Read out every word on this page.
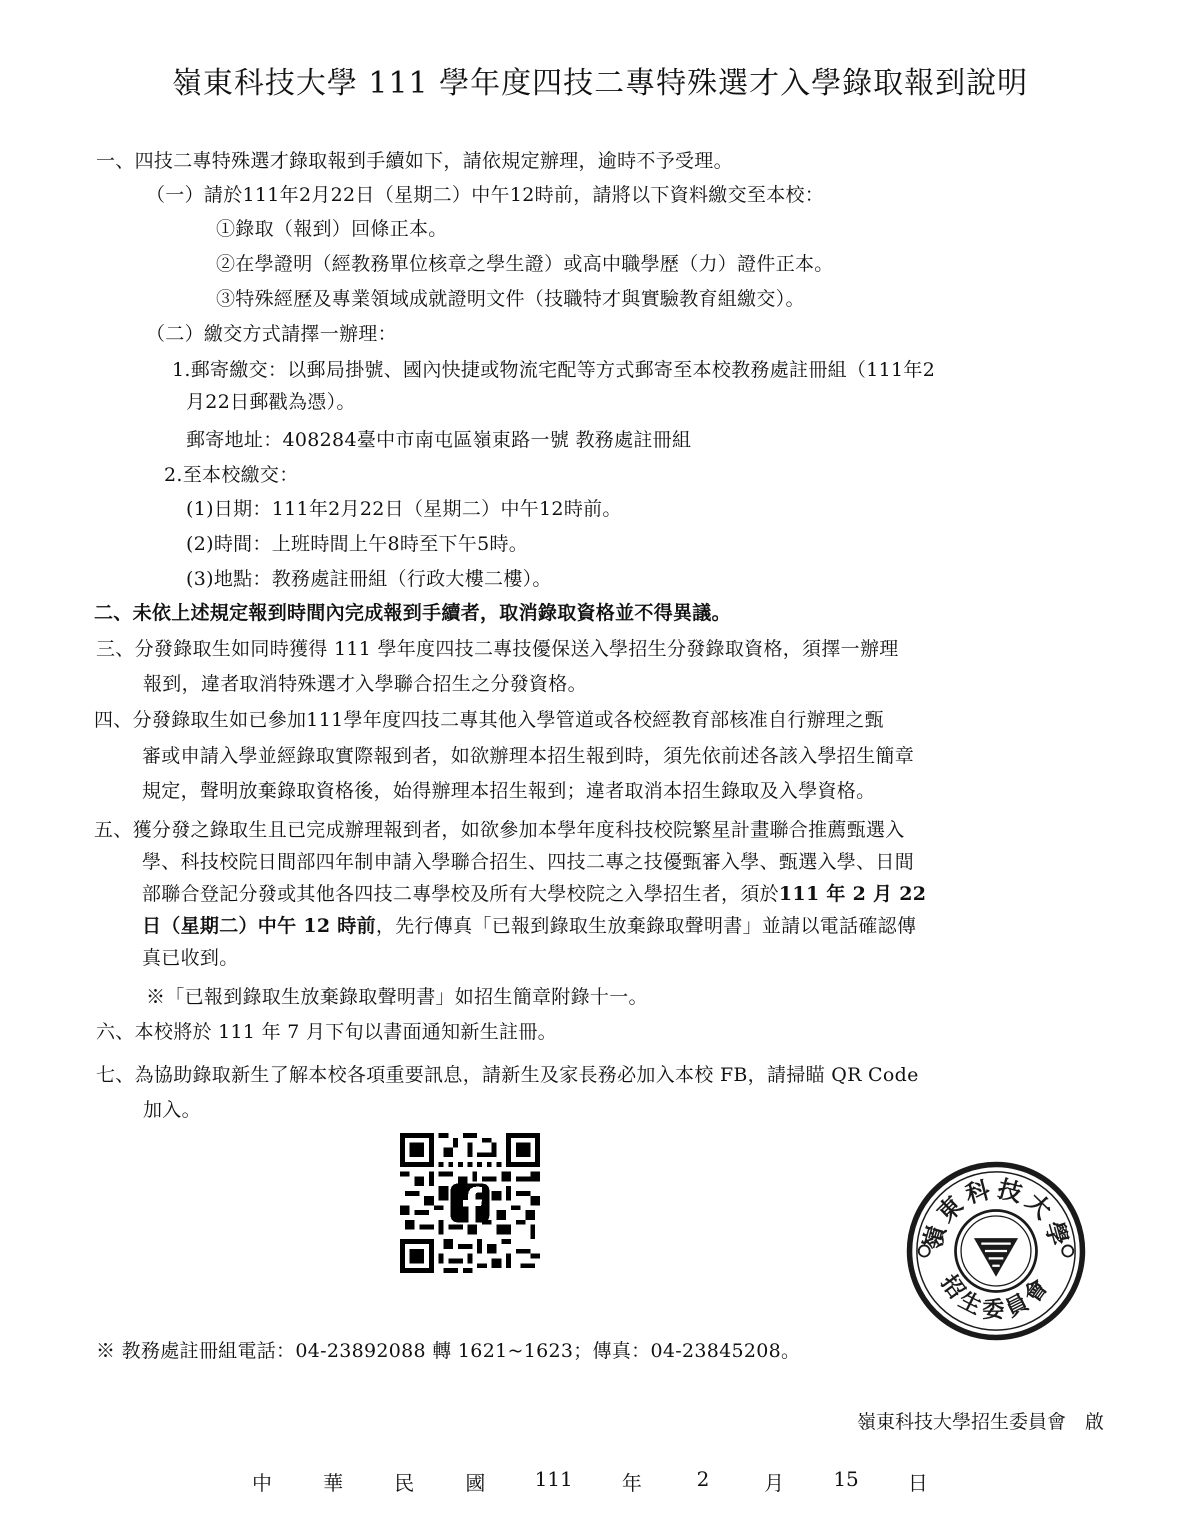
嶺東科技大學 111 學年度四技二專特殊選才入學錄取報到說明
一、四技二專特殊選才錄取報到手續如下，請依規定辦理，逾時不予受理。
（一）請於111年2月22日（星期二）中午12時前，請將以下資料繳交至本校：
①錄取（報到）回條正本。
②在學證明（經教務單位核章之學生證）或高中職學歷（力）證件正本。
③特殊經歷及專業領域成就證明文件（技職特才與實驗教育組繳交）。
（二）繳交方式請擇一辦理：
1.郵寄繳交：以郵局掛號、國內快捷或物流宅配等方式郵寄至本校教務處註冊組（111年2
月22日郵戳為憑）。
郵寄地址：408284臺中市南屯區嶺東路一號 教務處註冊組
2.至本校繳交：
(1)日期：111年2月22日（星期二）中午12時前。
(2)時間：上班時間上午8時至下午5時。
(3)地點：教務處註冊組（行政大樓二樓）。
二、未依上述規定報到時間內完成報到手續者，取消錄取資格並不得異議。
三、分發錄取生如同時獲得 111 學年度四技二專技優保送入學招生分發錄取資格，須擇一辦理
報到，違者取消特殊選才入學聯合招生之分發資格。
四、分發錄取生如已參加111學年度四技二專其他入學管道或各校經教育部核准自行辦理之甄
審或申請入學並經錄取實際報到者，如欲辦理本招生報到時，須先依前述各該入學招生簡章
規定，聲明放棄錄取資格後，始得辦理本招生報到；違者取消本招生錄取及入學資格。
五、獲分發之錄取生且已完成辦理報到者，如欲參加本學年度科技校院繁星計畫聯合推薦甄選入
學、科技校院日間部四年制申請入學聯合招生、四技二專之技優甄審入學、甄選入學、日間
部聯合登記分發或其他各四技二專學校及所有大學校院之入學招生者，須於111 年 2 月 22
日（星期二）中午 12 時前，先行傳真「已報到錄取生放棄錄取聲明書」並請以電話確認傳
真已收到。
※「已報到錄取生放棄錄取聲明書」如招生簡章附錄十一。
六、本校將於 111 年 7 月下旬以書面通知新生註冊。
七、為協助錄取新生了解本校各項重要訊息，請新生及家長務必加入本校 FB，請掃瞄 QR Code
加入。
嶺東科技大學
招生委員會
※ 教務處註冊組電話：04-23892088 轉 1621~1623；傳真：04-23845208。
嶺東科技大學招生委員會　啟
中	華	民	國 111 年	2	月 15 日
